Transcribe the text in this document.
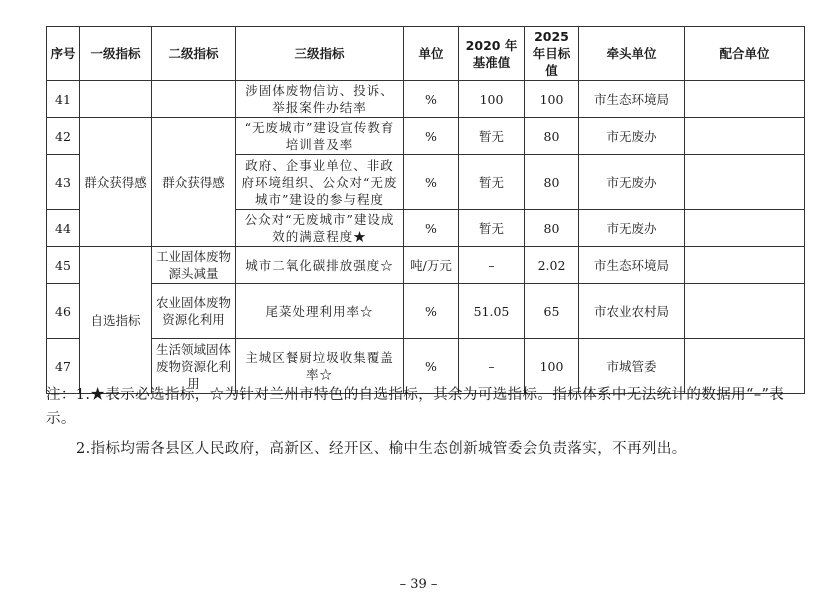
序号	一级指标	二级指标	三级指标	单位	2020 年基准值	2025 年目标值	牵头单位	配合单位
41			涉固体废物信访、投诉、举报案件办结率	%	100	100	市生态环境局	
42	群众获得感	群众获得感	“无废城市”建设宣传教育培训普及率	%	暂无	80	市无废办	
43			政府、企事业单位、非政府环境组织、公众对“无废城市”建设的参与程度	%	暂无	80	市无废办	
44			公众对“无废城市”建设成效的满意程度★	%	暂无	80	市无废办	
45	自选指标	工业固体废物源头减量	城市二氧化碳排放强度☆	吨/万元	–	2.02	市生态环境局	
46		农业固体废物资源化利用	尾菜处理利用率☆	%	51.05	65	市农业农村局	
47		生活领域固体废物资源化利用	主城区餐厨垃圾收集覆盖率☆	%	–	100	市城管委	

注：1.★表示必选指标，☆为针对兰州市特色的自选指标，其余为可选指标。指标体系中无法统计的数据用“–”表示。

2.指标均需各县区人民政府，高新区、经开区、榆中生态创新城管委会负责落实，不再列出。

– 39 –
